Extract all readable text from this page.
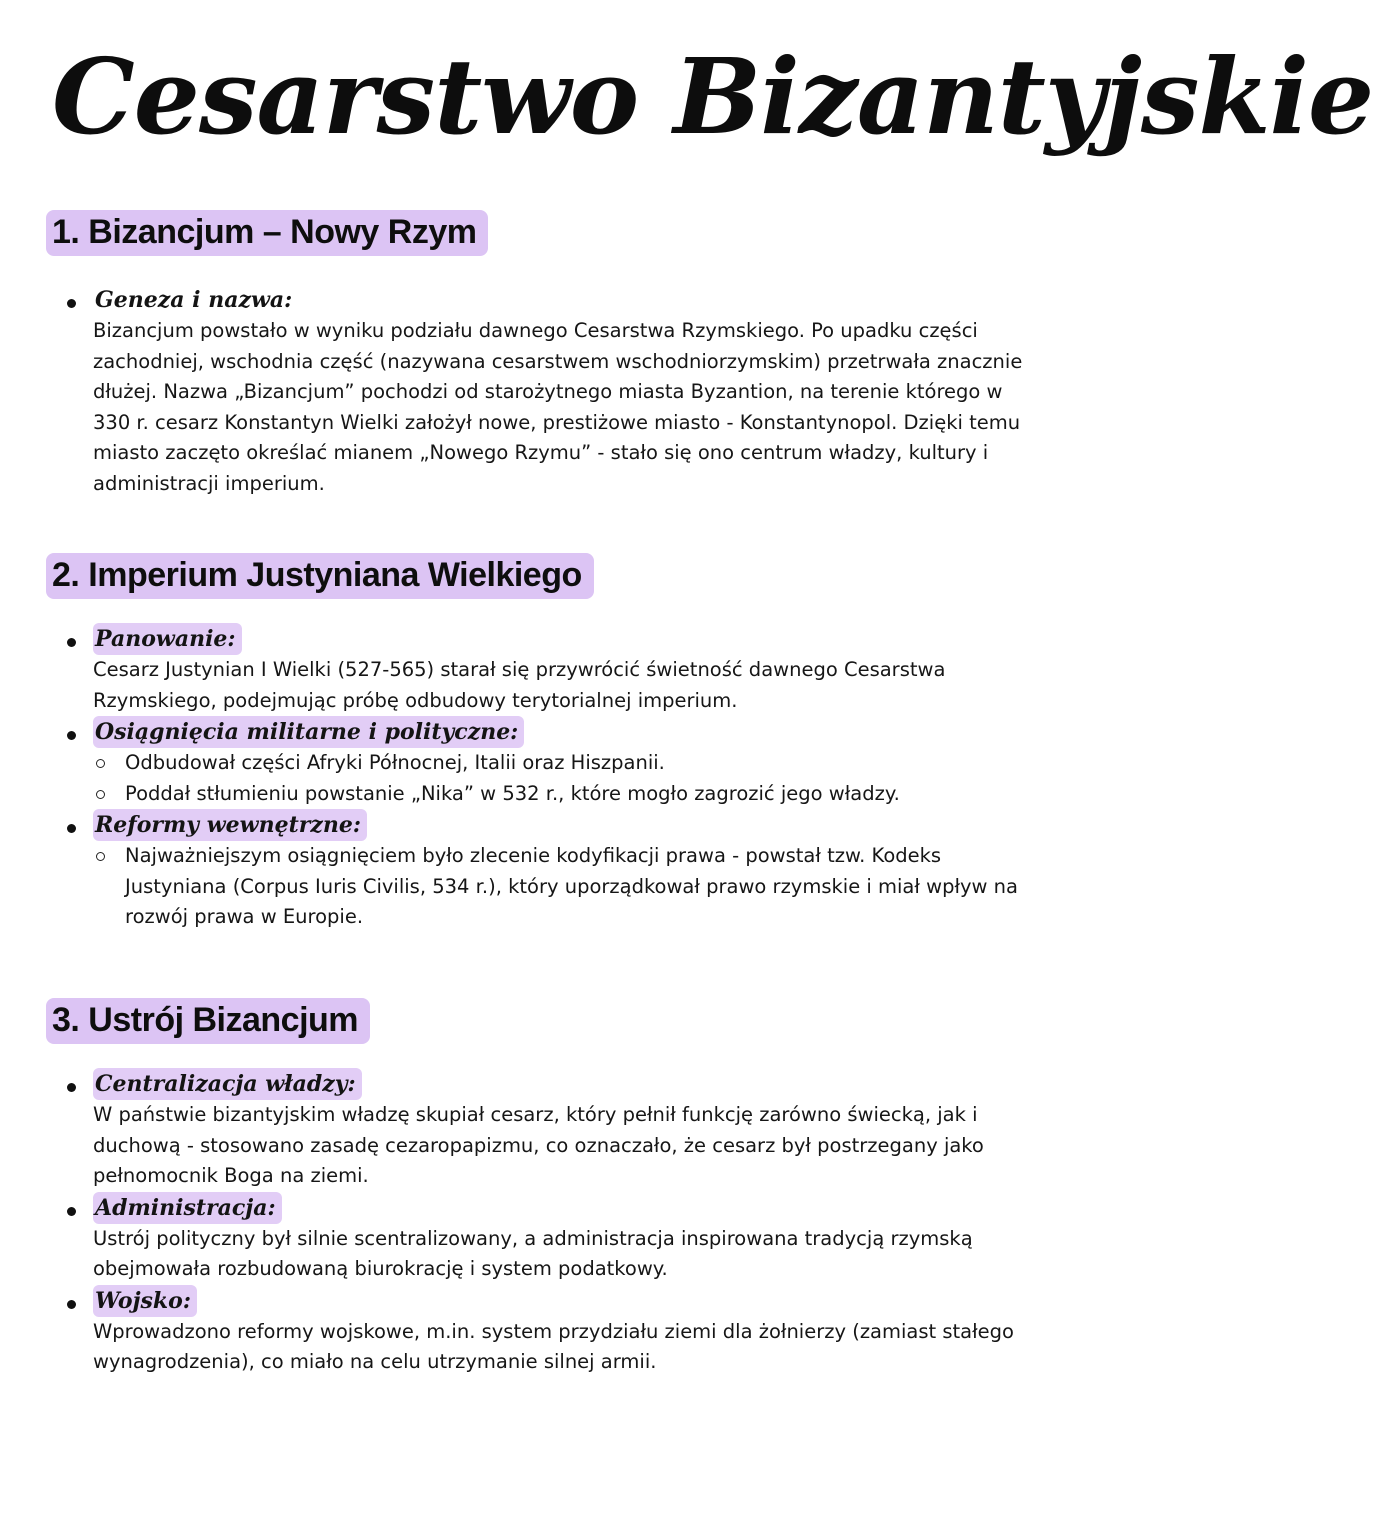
Cesarstwo Bizantyjskie
1. Bizancjum – Nowy Rzym
Geneza i nazwa:

Bizancjum powstało w wyniku podziału dawnego Cesarstwa Rzymskiego. Po upadku części zachodniej, wschodnia część (nazywana cesarstwem wschodniorzymskim) przetrwała znacznie dłużej. Nazwa „Bizancjum” pochodzi od starożytnego miasta Byzantion, na terenie którego w 330 r. cesarz Konstantyn Wielki założył nowe, prestiżowe miasto - Konstantynopol. Dzięki temu miasto zaczęto określać mianem „Nowego Rzymu” - stało się ono centrum władzy, kultury i administracji imperium.

2. Imperium Justyniana Wielkiego
Panowanie:

Cesarz Justynian I Wielki (527-565) starał się przywrócić świetność dawnego Cesarstwa Rzymskiego, podejmując próbę odbudowy terytorialnej imperium.

Osiągnięcia militarne i polityczne:

Odbudował części Afryki Północnej, Italii oraz Hiszpanii.

Poddał stłumieniu powstanie „Nika” w 532 r., które mogło zagrozić jego władzy.

Reformy wewnętrzne:

Najważniejszym osiągnięciem było zlecenie kodyfikacji prawa - powstał tzw. Kodeks Justyniana (Corpus Iuris Civilis, 534 r.), który uporządkował prawo rzymskie i miał wpływ na rozwój prawa w Europie.

3. Ustrój Bizancjum
Centralizacja władzy:

W państwie bizantyjskim władzę skupiał cesarz, który pełnił funkcję zarówno świecką, jak i duchową - stosowano zasadę cezaropapizmu, co oznaczało, że cesarz był postrzegany jako pełnomocnik Boga na ziemi.

Administracja:

Ustrój polityczny był silnie scentralizowany, a administracja inspirowana tradycją rzymską obejmowała rozbudowaną biurokrację i system podatkowy.

Wojsko:

Wprowadzono reformy wojskowe, m.in. system przydziału ziemi dla żołnierzy (zamiast stałego wynagrodzenia), co miało na celu utrzymanie silnej armii.
